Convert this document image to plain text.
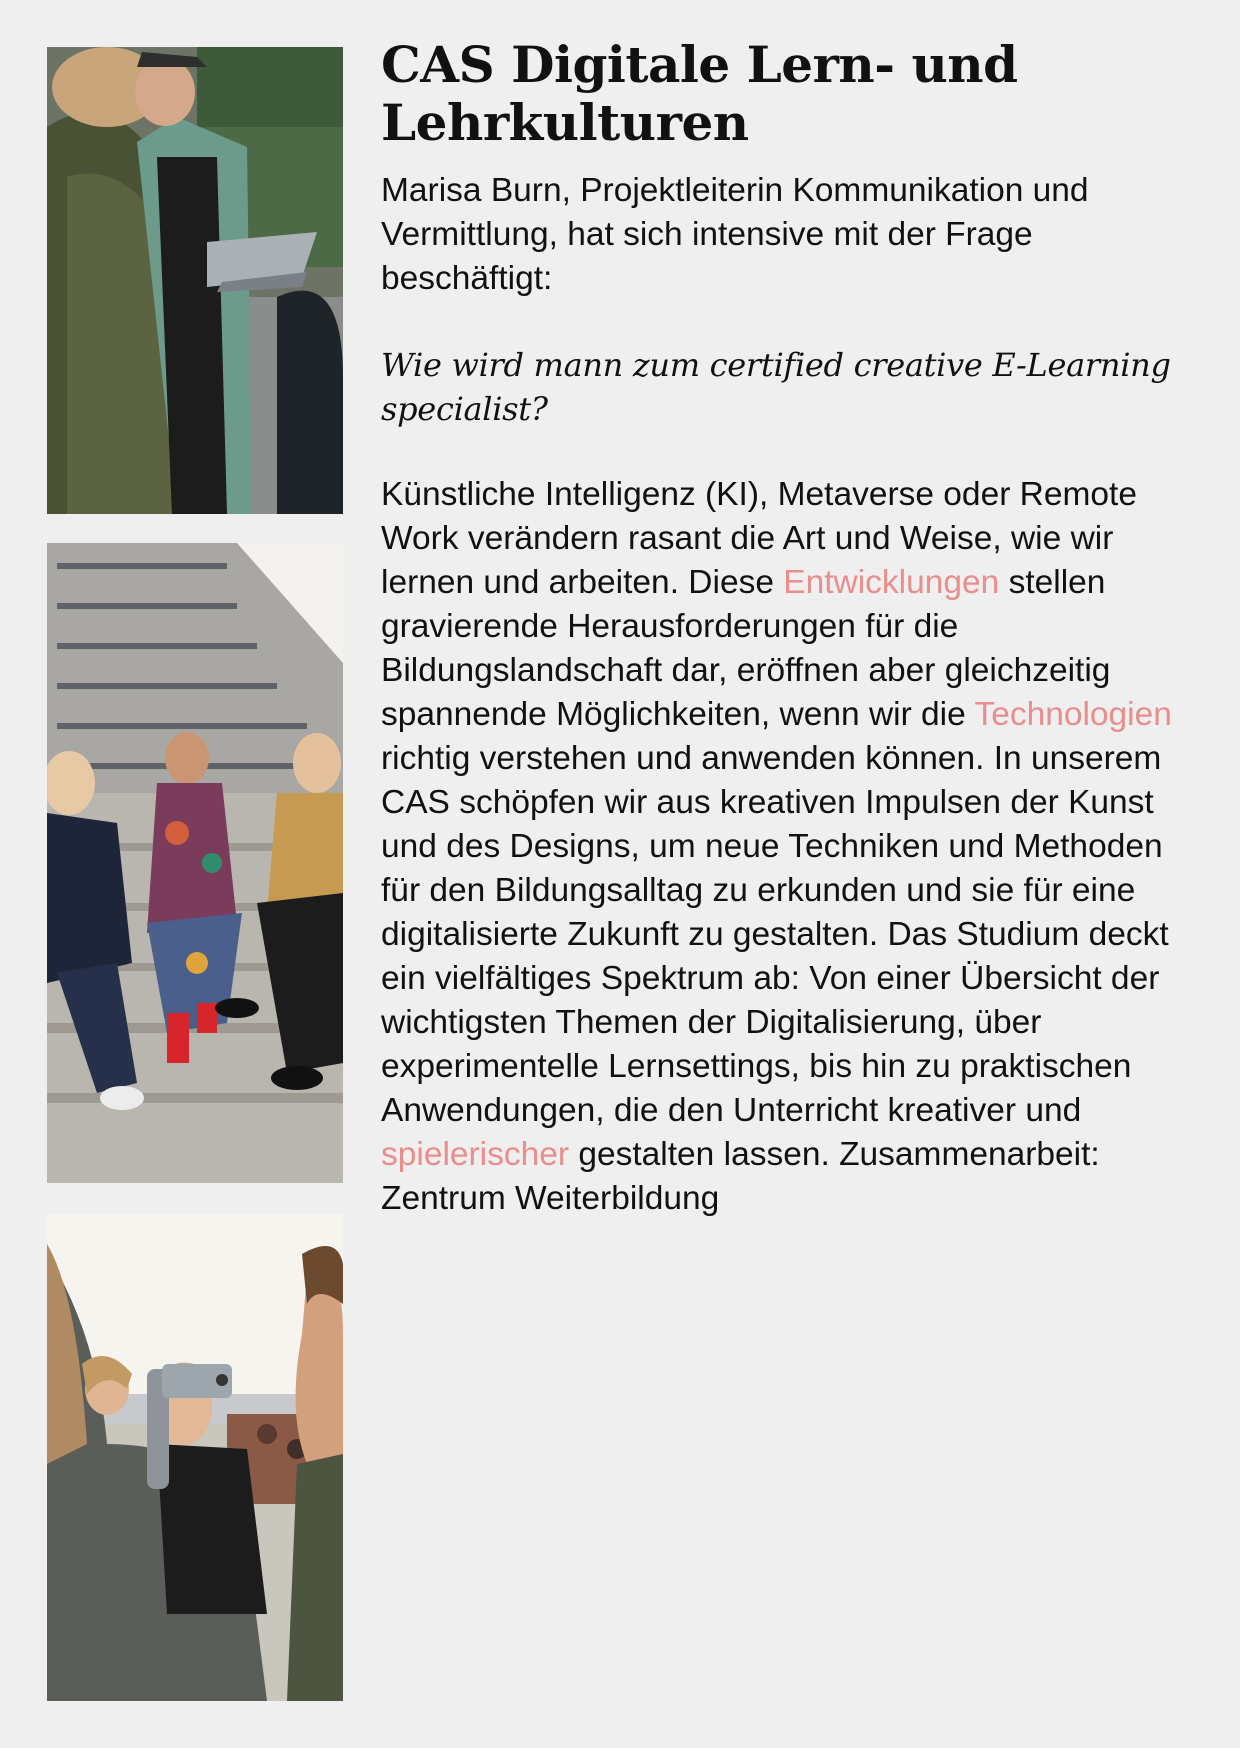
CAS Digitale Lern- und Lehrkulturen

Marisa Burn, Projektleiterin Kommunikation und Vermittlung, hat sich intensive mit der Frage beschäftigt:

Wie wird mann zum certified creative E-Learning specialist?

Künstliche Intelligenz (KI), Metaverse oder Remote Work verändern rasant die Art und Weise, wie wir lernen und arbeiten. Diese Entwicklungen stellen gravierende Herausforderungen für die Bildungslandschaft dar, eröffnen aber gleichzeitig spannende Möglichkeiten, wenn wir die Technologien richtig verstehen und anwenden können. In unserem CAS schöpfen wir aus kreativen Impulsen der Kunst und des Designs, um neue Techniken und Methoden für den Bildungsalltag zu erkunden und sie für eine digitalisierte Zukunft zu gestalten. Das Studium deckt ein vielfältiges Spektrum ab: Von einer Übersicht der wichtigsten Themen der Digitalisierung, über experimentelle Lernsettings, bis hin zu praktischen Anwendungen, die den Unterricht kreativer und spielerischer gestalten lassen. Zusammenarbeit: Zentrum Weiterbildung
